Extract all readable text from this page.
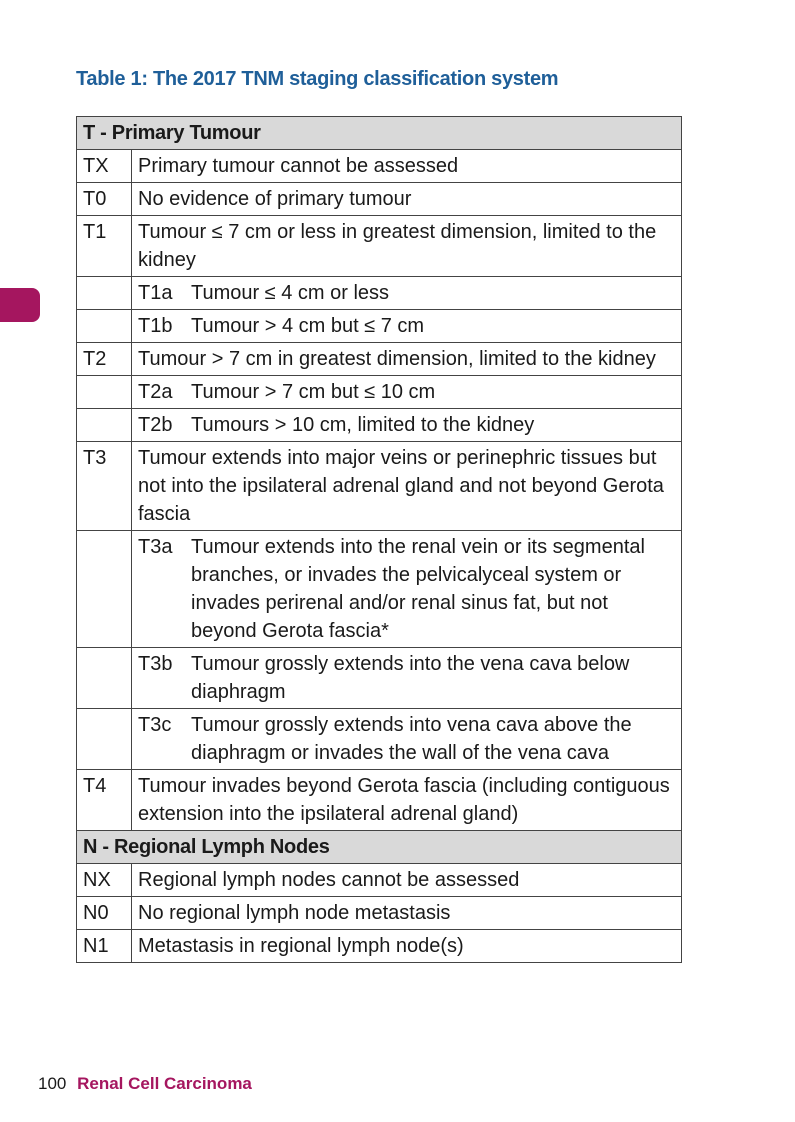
Table 1: The 2017 TNM staging classification system
T - Primary Tumour	
TX	Primary tumour cannot be assessed
T0	No evidence of primary tumour
T1	Tumour ≤ 7 cm or less in greatest dimension, limited to the kidney

	T1a Tumour ≤ 4 cm or less

	T1b Tumour > 4 cm but ≤ 7 cm

T2	Tumour > 7 cm in greatest dimension, limited to the kidney

	T2a Tumour > 7 cm but ≤ 10 cm

	T2b Tumours > 10 cm, limited to the kidney

T3	Tumour extends into major veins or perinephric tissues but not into the ipsilateral adrenal gland and not beyond Gerota fascia

	T3a Tumour extends into the renal vein or its segmental branches, or invades the pelvicalyceal system or invades perirenal and/or renal sinus fat, but not beyond Gerota fascia*

	T3b Tumour grossly extends into the vena cava below diaphragm

	T3c Tumour grossly extends into vena cava above the diaphragm or invades the wall of the vena cava

T4	Tumour invades beyond Gerota fascia (including contiguous extension into the ipsilateral adrenal gland)
N - Regional Lymph Nodes	
NX	Regional lymph nodes cannot be assessed
N0	No regional lymph node metastasis
N1	Metastasis in regional lymph node(s)
100 Renal Cell Carcinoma
